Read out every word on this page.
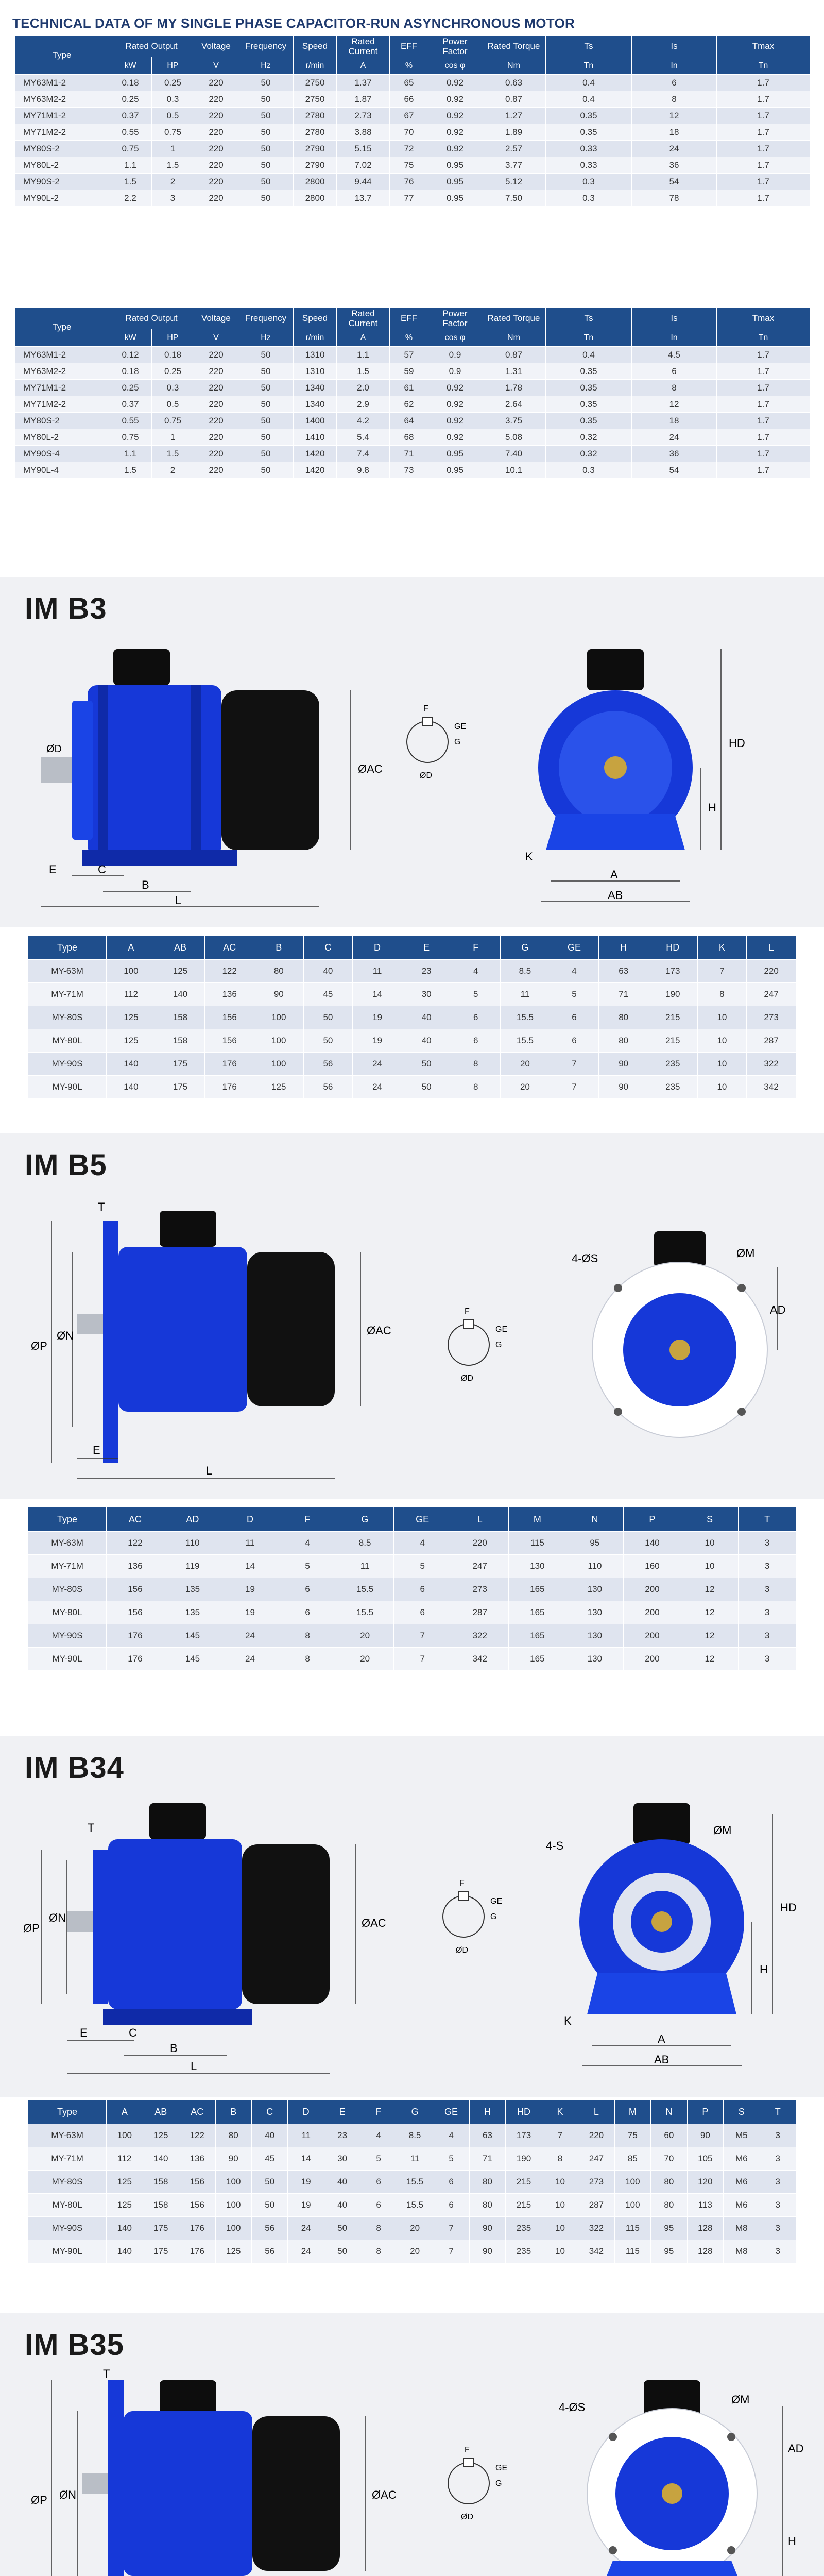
TECHNICAL DATA OF MY SINGLE PHASE CAPACITOR-RUN ASYNCHRONOUS MOTOR
Type	Rated Output		Voltage	Frequency	Speed	Rated Current	EFF	Power Factor	Rated Torque	Ts	Is	Tmax
	kW	HP	V	Hz	r/min	A	%	cos φ	Nm	Tn	In	Tn
MY63M1-2	0.18	0.25	220	50	2750	1.37	65	0.92	0.63	0.4	6	1.7
MY63M2-2	0.25	0.3	220	50	2750	1.87	66	0.92	0.87	0.4	8	1.7
MY71M1-2	0.37	0.5	220	50	2780	2.73	67	0.92	1.27	0.35	12	1.7
MY71M2-2	0.55	0.75	220	50	2780	3.88	70	0.92	1.89	0.35	18	1.7
MY80S-2	0.75	1	220	50	2790	5.15	72	0.92	2.57	0.33	24	1.7
MY80L-2	1.1	1.5	220	50	2790	7.02	75	0.95	3.77	0.33	36	1.7
MY90S-2	1.5	2	220	50	2800	9.44	76	0.95	5.12	0.3	54	1.7
MY90L-2	2.2	3	220	50	2800	13.7	77	0.95	7.50	0.3	78	1.7
Type	Rated Output		Voltage	Frequency	Speed	Rated Current	EFF	Power Factor	Rated Torque	Ts	Is	Tmax
	kW	HP	V	Hz	r/min	A	%	cos φ	Nm	Tn	In	Tn
MY63M1-2	0.12	0.18	220	50	1310	1.1	57	0.9	0.87	0.4	4.5	1.7
MY63M2-2	0.18	0.25	220	50	1310	1.5	59	0.9	1.31	0.35	6	1.7
MY71M1-2	0.25	0.3	220	50	1340	2.0	61	0.92	1.78	0.35	8	1.7
MY71M2-2	0.37	0.5	220	50	1340	2.9	62	0.92	2.64	0.35	12	1.7
MY80S-2	0.55	0.75	220	50	1400	4.2	64	0.92	3.75	0.35	18	1.7
MY80L-2	0.75	1	220	50	1410	5.4	68	0.92	5.08	0.32	24	1.7
MY90S-4	1.1	1.5	220	50	1420	7.4	71	0.95	7.40	0.32	36	1.7
MY90L-4	1.5	2	220	50	1420	9.8	73	0.95	10.1	0.3	54	1.7
IM B3
ØAC
E	C
B
L
ØD
F
G
GE
ØD
HD
H
K
A
AB
Type	A	AB	AC	B	C	D	E	F	G	GE	H	HD	K	L
MY-63M	100	125	122	80	40	11	23	4	8.5	4	63	173	7	220
MY-71M	112	140	136	90	45	14	30	5	11	5	71	190	8	247
MY-80S	125	158	156	100	50	19	40	6	15.5	6	80	215	10	273
MY-80L	125	158	156	100	50	19	40	6	15.5	6	80	215	10	287
MY-90S	140	175	176	100	56	24	50	8	20	7	90	235	10	322
MY-90L	140	175	176	125	56	24	50	8	20	7	90	235	10	342
IM B5
T
ØP
ØN	ØAC
E
L
F
G
GE
ØD
4-ØS	ØM
AD
Type	AC	AD	D	F	G	GE	L	M	N	P	S	T
MY-63M	122	110	11	4	8.5	4	220	115	95	140	10	3
MY-71M	136	119	14	5	11	5	247	130	110	160	10	3
MY-80S	156	135	19	6	15.5	6	273	165	130	200	12	3
MY-80L	156	135	19	6	15.5	6	287	165	130	200	12	3
MY-90S	176	145	24	8	20	7	322	165	130	200	12	3
MY-90L	176	145	24	8	20	7	342	165	130	200	12	3
IM B34
T
ØP
ØN	ØAC
E	C
B
L
F
G
GE
ØD
4-S
ØM
HD
H
K
A
AB
Type	A	AB	AC	B	C	D	E	F	G	GE	H	HD	K	L	M	N	P	S	T
MY-63M	100	125	122	80	40	11	23	4	8.5	4	63	173	7	220	75	60	90	M5	3
MY-71M	112	140	136	90	45	14	30	5	11	5	71	190	8	247	85	70	105	M6	3
MY-80S	125	158	156	100	50	19	40	6	15.5	6	80	215	10	273	100	80	120	M6	3
MY-80L	125	158	156	100	50	19	40	6	15.5	6	80	215	10	287	100	80	113	M6	3
MY-90S	140	175	176	100	56	24	50	8	20	7	90	235	10	322	115	95	128	M8	3
MY-90L	140	175	176	125	56	24	50	8	20	7	90	235	10	342	115	95	128	M8	3
IM B35
T
ØP ØN	ØAC
F
G
GE
ØD
4-ØS
ØM
AD
H
